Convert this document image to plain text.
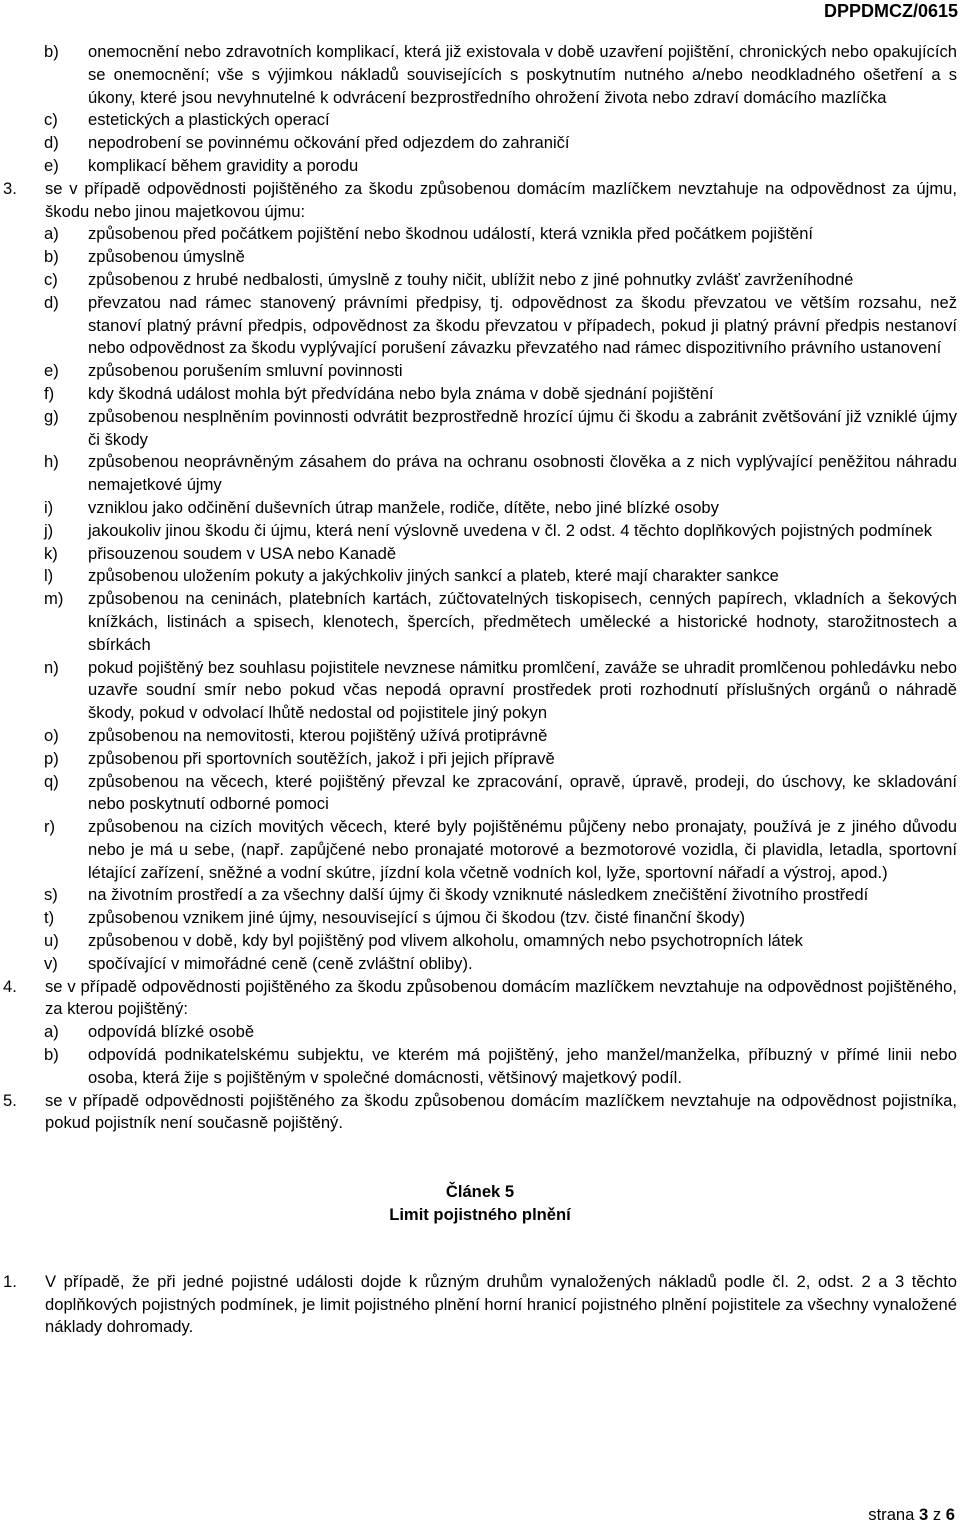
DPPDMCZ/0615
b) onemocnění nebo zdravotních komplikací, která již existovala v době uzavření pojištění, chronických nebo opakujících se onemocnění; vše s výjimkou nákladů souvisejících s poskytnutím nutného a/nebo neodkladného ošetření a s úkony, které jsou nevyhnutelné k odvrácení bezprostředního ohrožení života nebo zdraví domácího mazlíčka
c) estetických a plastických operací
d) nepodrobení se povinnému očkování před odjezdem do zahraničí
e) komplikací během gravidity a porodu
3. se v případě odpovědnosti pojištěného za škodu způsobenou domácím mazlíčkem nevztahuje na odpovědnost za újmu, škodu nebo jinou majetkovou újmu:
a) způsobenou před počátkem pojištění nebo škodnou událostí, která vznikla před počátkem pojištění
b) způsobenou úmyslně
c) způsobenou z hrubé nedbalosti, úmyslně z touhy ničit, ublížit nebo z jiné pohnutky zvlášť zavrženíhodné
d) převzatou nad rámec stanovený právními předpisy, tj. odpovědnost za škodu převzatou ve větším rozsahu, než stanoví platný právní předpis, odpovědnost za škodu převzatou v případech, pokud ji platný právní předpis nestanoví nebo odpovědnost za škodu vyplývající porušení závazku převzatého nad rámec dispozitivního právního ustanovení
e) způsobenou porušením smluvní povinnosti
f) kdy škodná událost mohla být předvídána nebo byla známa v době sjednání pojištění
g) způsobenou nesplněním povinnosti odvrátit bezprostředně hrozící újmu či škodu a zabránit zvětšování již vzniklé újmy či škody
h) způsobenou neoprávněným zásahem do práva na ochranu osobnosti člověka a z nich vyplývající peněžitou náhradu nemajetkové újmy
i) vzniklou jako odčinění duševních útrap manžele, rodiče, dítěte, nebo jiné blízké osoby
j) jakoukoliv jinou škodu či újmu, která není výslovně uvedena v čl. 2 odst. 4 těchto doplňkových pojistných podmínek
k) přisouzenou soudem v USA nebo Kanadě
l) způsobenou uložením pokuty a jakýchkoliv jiných sankcí a plateb, které mají charakter sankce
m) způsobenou na ceninách, platebních kartách, zúčtovatelných tiskopisech, cenných papírech, vkladních a šekových knížkách, listinách a spisech, klenotech, špercích, předmětech umělecké a historické hodnoty, starožitnostech a sbírkách
n) pokud pojištěný bez souhlasu pojistitele nevznese námitku promlčení, zaváže se uhradit promlčenou pohledávku nebo uzavře soudní smír nebo pokud včas nepodá opravní prostředek proti rozhodnutí příslušných orgánů o náhradě škody, pokud v odvolací lhůtě nedostal od pojistitele jiný pokyn
o) způsobenou na nemovitosti, kterou pojištěný užívá protiprávně
p) způsobenou při sportovních soutěžích, jakož i při jejich přípravě
q) způsobenou na věcech, které pojištěný převzal ke zpracování, opravě, úpravě, prodeji, do úschovy, ke skladování nebo poskytnutí odborné pomoci
r) způsobenou na cizích movitých věcech, které byly pojištěnému půjčeny nebo pronajaty, používá je z jiného důvodu nebo je má u sebe, (např. zapůjčené nebo pronajaté motorové a bezmotorové vozidla, či plavidla, letadla, sportovní létající zařízení, sněžné a vodní skútre, jízdní kola včetně vodních kol, lyže, sportovní nářadí a výstroj, apod.)
s) na životním prostředí a za všechny další újmy či škody vzniknuté následkem znečištění životního prostředí
t) způsobenou vznikem jiné újmy, nesouvisející s újmou či škodou (tzv. čisté finanční škody)
u) způsobenou v době, kdy byl pojištěný pod vlivem alkoholu, omamných nebo psychotropních látek
v) spočívající v mimořádné ceně (ceně zvláštní obliby).
4. se v případě odpovědnosti pojištěného za škodu způsobenou domácím mazlíčkem nevztahuje na odpovědnost pojištěného, za kterou pojištěný:
a) odpovídá blízké osobě
b) odpovídá podnikatelskému subjektu, ve kterém má pojištěný, jeho manžel/manželka, příbuzný v přímé linii nebo osoba, která žije s pojištěným v společné domácnosti, většinový majetkový podíl.
5. se v případě odpovědnosti pojištěného za škodu způsobenou domácím mazlíčkem nevztahuje na odpovědnost pojistníka, pokud pojistník není současně pojištěný.
Článek 5
Limit pojistného plnění
1. V případě, že při jedné pojistné události dojde k různým druhům vynaložených nákladů podle čl. 2, odst. 2 a 3 těchto doplňkových pojistných podmínek, je limit pojistného plnění horní hranicí pojistného plnění pojistitele za všechny vynaložené náklady dohromady.
strana 3 z 6
